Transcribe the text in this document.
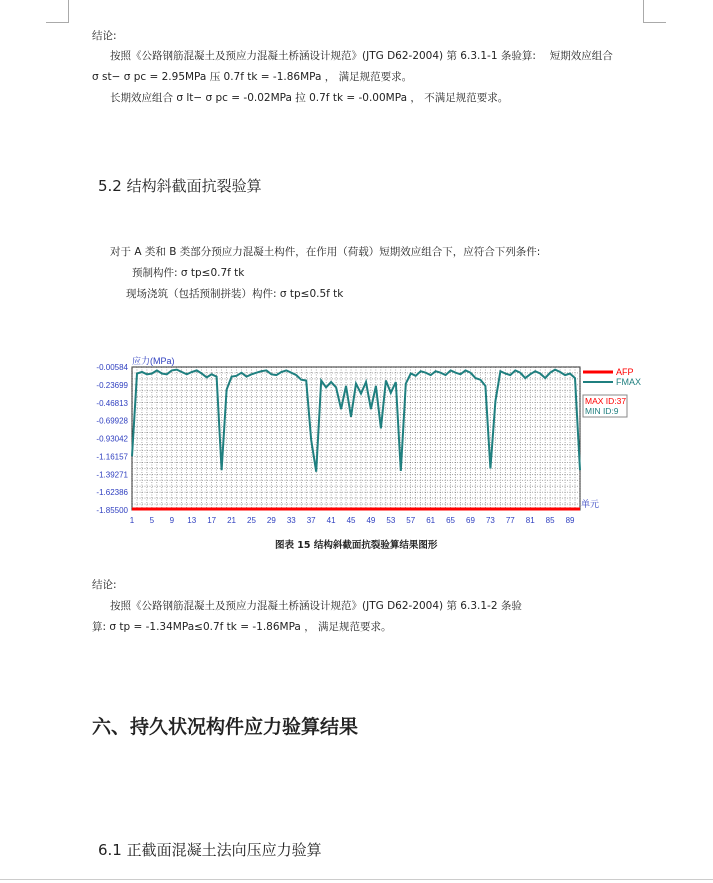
结论:
按照《公路钢筋混凝土及预应力混凝土桥涵设计规范》(JTG D62-2004) 第 6.3.1-1 条验算:　 短期效应组合
σ st− σ pc = 2.95MPa 压 0.7f tk = -1.86MPa ， 满足规范要求。
长期效应组合 σ lt− σ pc = -0.02MPa 拉 0.7f tk = -0.00MPa ， 不满足规范要求。
5.2 结构斜截面抗裂验算
对于 A 类和 B 类部分预应力混凝土构件，在作用（荷载）短期效应组合下，应符合下列条件:
预制构件: σ tp≤0.7f tk
现场浇筑（包括预制拼装）构件: σ tp≤0.5f tk
-0.00584
-0.23699
-0.46813
-0.69928
-0.93042
-1.16157
-1.39271
-1.62386
-1.85500
1 5 9 13 17 21 25 29 33 37 41 45 49 53 57 61 65 69 73 77 81 85 89
应力(MPa)
单元
AFP
FMAX
MAX ID:37
MIN ID:9
图表 15 结构斜截面抗裂验算结果图形
结论:
按照《公路钢筋混凝土及预应力混凝土桥涵设计规范》(JTG D62-2004) 第 6.3.1-2 条验
算: σ tp = -1.34MPa≤0.7f tk = -1.86MPa ， 满足规范要求。
六、持久状况构件应力验算结果
6.1 正截面混凝土法向压应力验算
